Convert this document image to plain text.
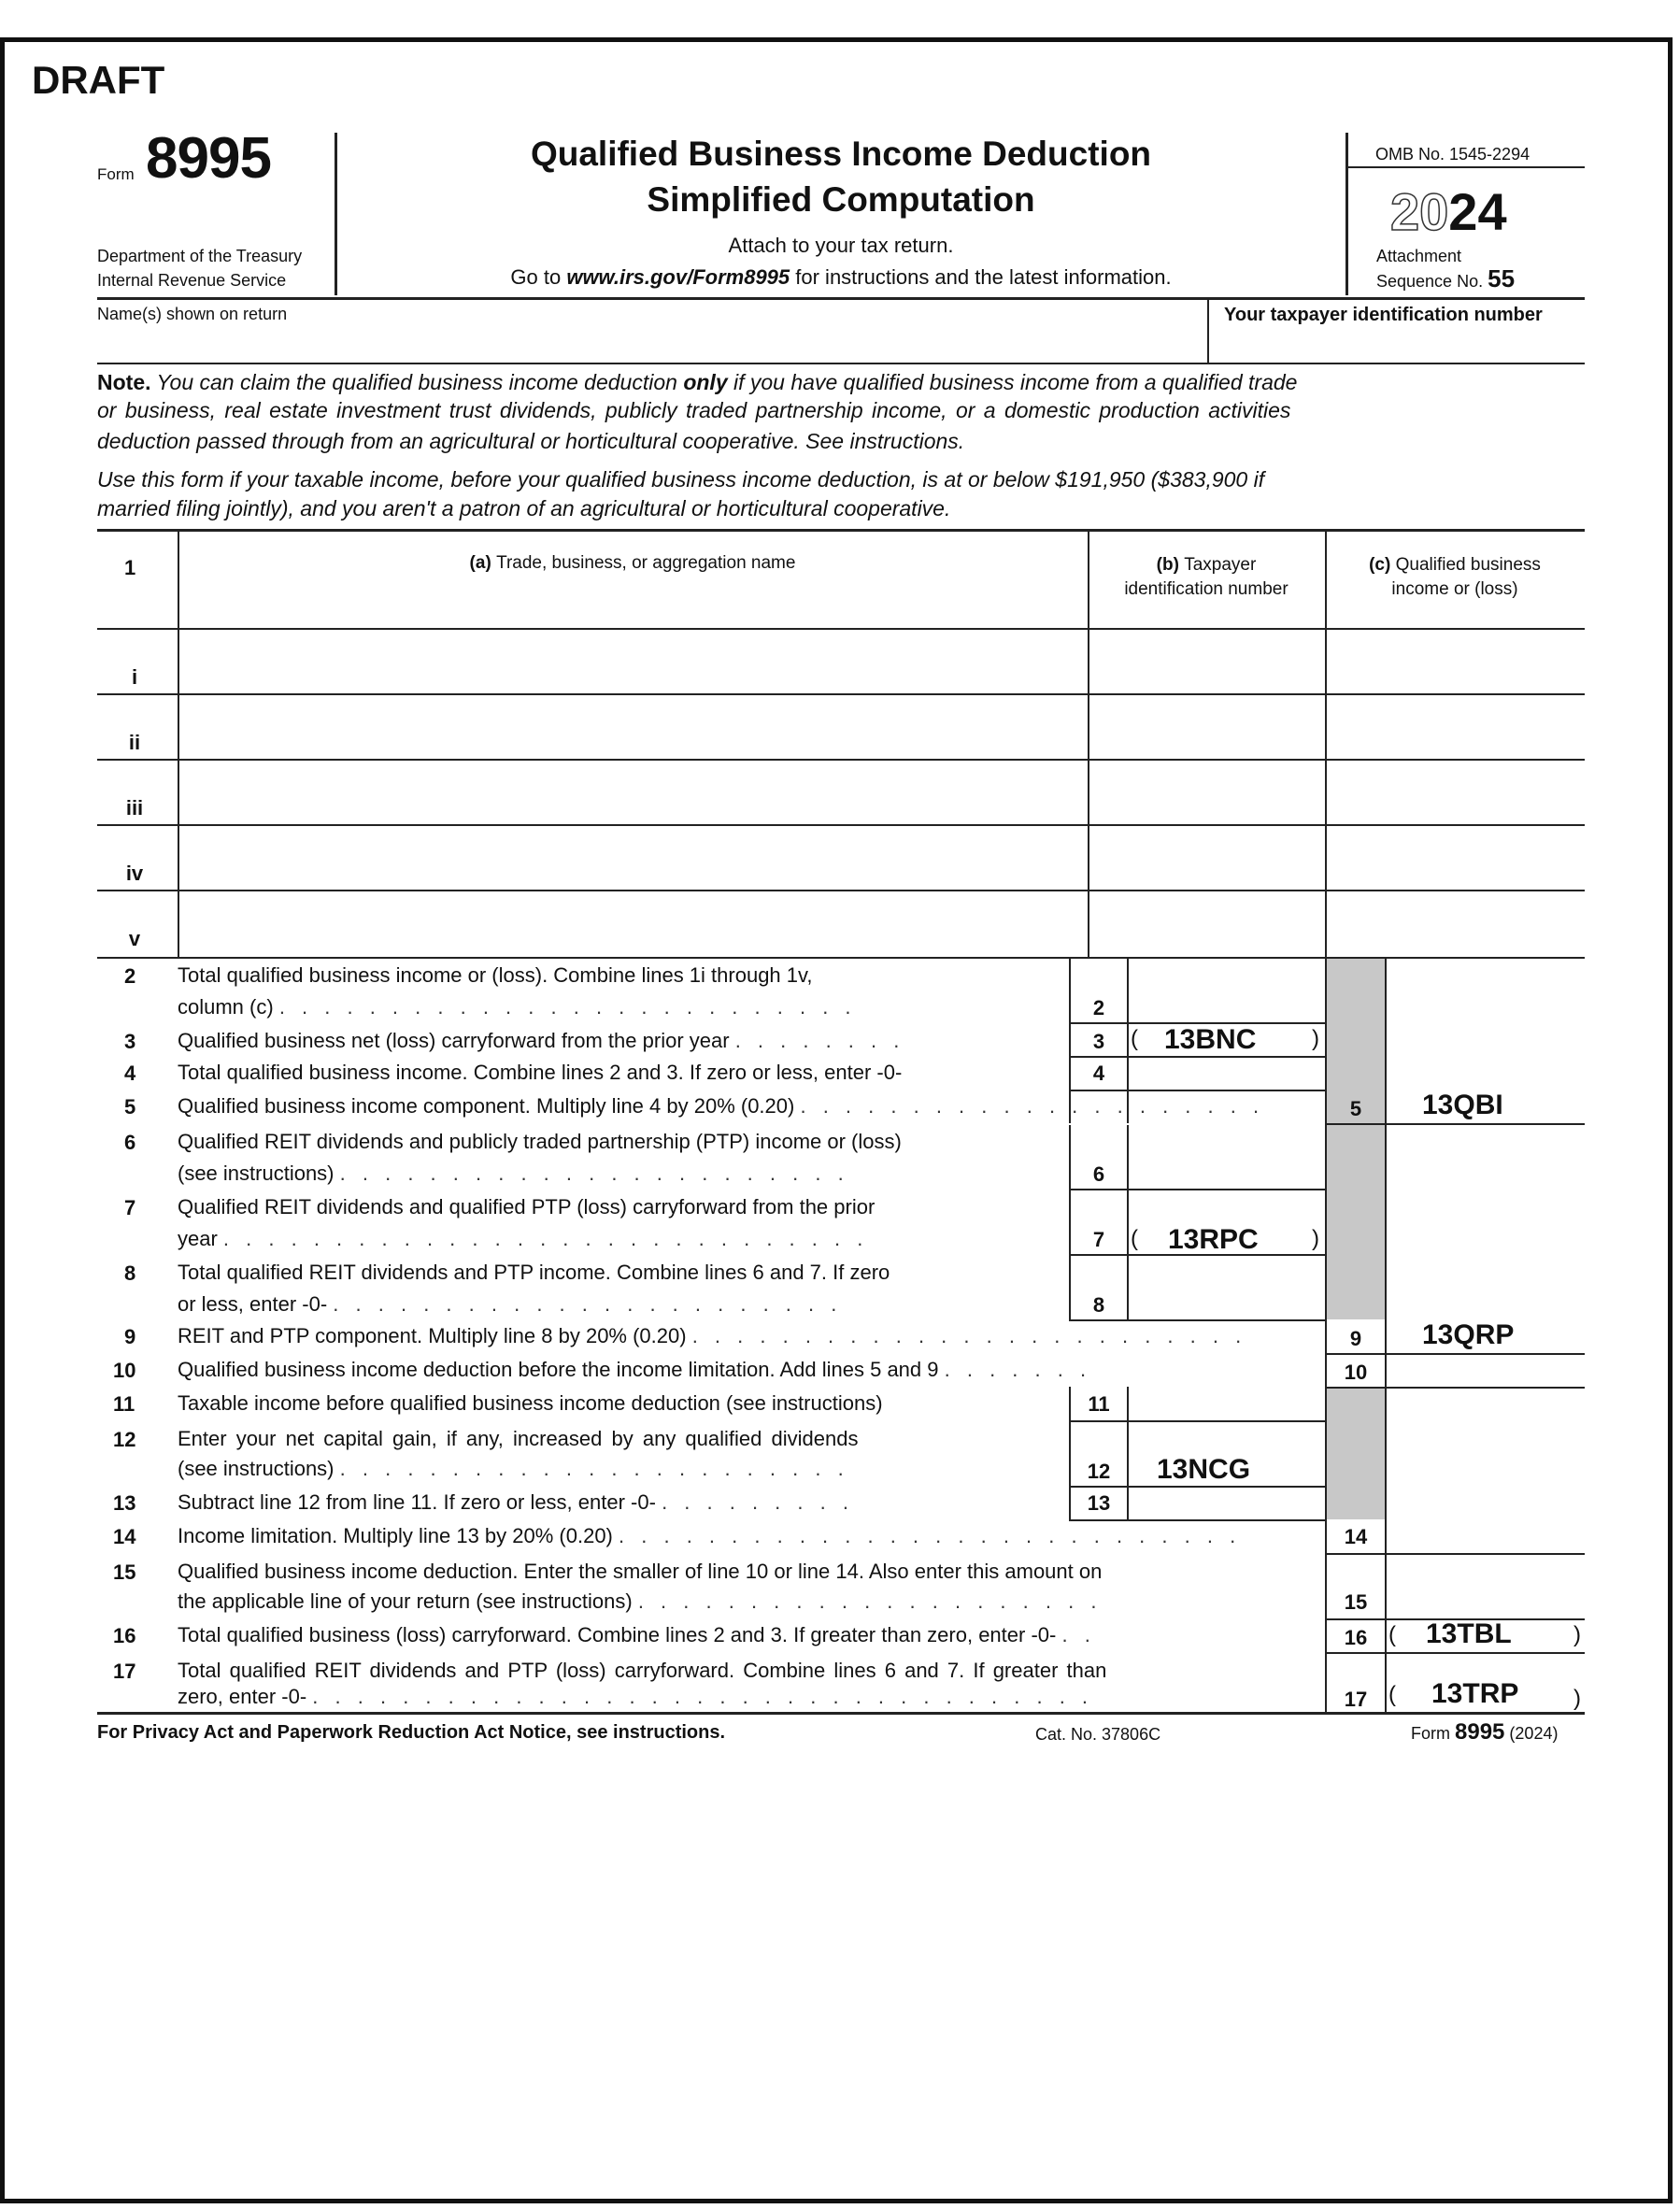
DRAFT
Form 8995
Department of the Treasury
Internal Revenue Service
Qualified Business Income Deduction
Simplified Computation
Attach to your tax return.
Go to www.irs.gov/Form8995 for instructions and the latest information.
OMB No. 1545-2294
2024
Attachment
Sequence No. 55
Name(s) shown on return	Your taxpayer identification number
Note. You can claim the qualified business income deduction only if you have qualified business income from a qualified trade
or business, real estate investment trust dividends, publicly traded partnership income, or a domestic production activities
deduction passed through from an agricultural or horticultural cooperative. See instructions.
Use this form if your taxable income, before your qualified business income deduction, is at or below $191,950 ($383,900 if
married filing jointly), and you aren't a patron of an agricultural or horticultural cooperative.
1	(a) Trade, business, or aggregation name	(b) Taxpayer
identification number
(c) Qualified business
income or (loss)
i
ii
iii
iv
v
2 Total qualified business income or (loss). Combine lines 1i through 1v,
column (c) . . . . . . . . . . . . . . . . . . . . . . . . . .	2
3 Qualified business net (loss) carryforward from the prior year . . . . . . . .	3	( 13BNC )
4 Total qualified business income. Combine lines 2 and 3. If zero or less, enter -0-	4
5 Qualified business income component. Multiply line 4 by 20% (0.20) . . . . . . . . . . . . . . . . . . . . .	5	13QBI
6 Qualified REIT dividends and publicly traded partnership (PTP) income or (loss)
(see instructions) . . . . . . . . . . . . . . . . . . . . . . .	6
7 Qualified REIT dividends and qualified PTP (loss) carryforward from the prior
year . . . . . . . . . . . . . . . . . . . . . . . . . . . . .	7	( 13RPC )
8 Total qualified REIT dividends and PTP income. Combine lines 6 and 7. If zero
or less, enter -0- . . . . . . . . . . . . . . . . . . . . . . .	8
9 REIT and PTP component. Multiply line 8 by 20% (0.20) . . . . . . . . . . . . . . . . . . . . . . . . .	9	13QRP
10 Qualified business income deduction before the income limitation. Add lines 5 and 9 . . . . . . .	10
11 Taxable income before qualified business income deduction (see instructions)	11
12 Enter your net capital gain, if any, increased by any qualified dividends
(see instructions) . . . . . . . . . . . . . . . . . . . . . . .	12	13NCG
13 Subtract line 12 from line 11. If zero or less, enter -0- . . . . . . . . .	13
14 Income limitation. Multiply line 13 by 20% (0.20) . . . . . . . . . . . . . . . . . . . . . . . . . . . .	14
15 Qualified business income deduction. Enter the smaller of line 10 or line 14. Also enter this amount on
the applicable line of your return (see instructions) . . . . . . . . . . . . . . . . . . . . .	15
16 Total qualified business (loss) carryforward. Combine lines 2 and 3. If greater than zero, enter -0- . .	16 ( 13TBL	)
17 Total qualified REIT dividends and PTP (loss) carryforward. Combine lines 6 and 7. If greater than
zero, enter -0- . . . . . . . . . . . . . . . . . . . . . . . . . . . . . . . . . . .	17 ( 13TRP )
For Privacy Act and Paperwork Reduction Act Notice, see instructions.	Cat. No. 37806C	Form 8995 (2024)
